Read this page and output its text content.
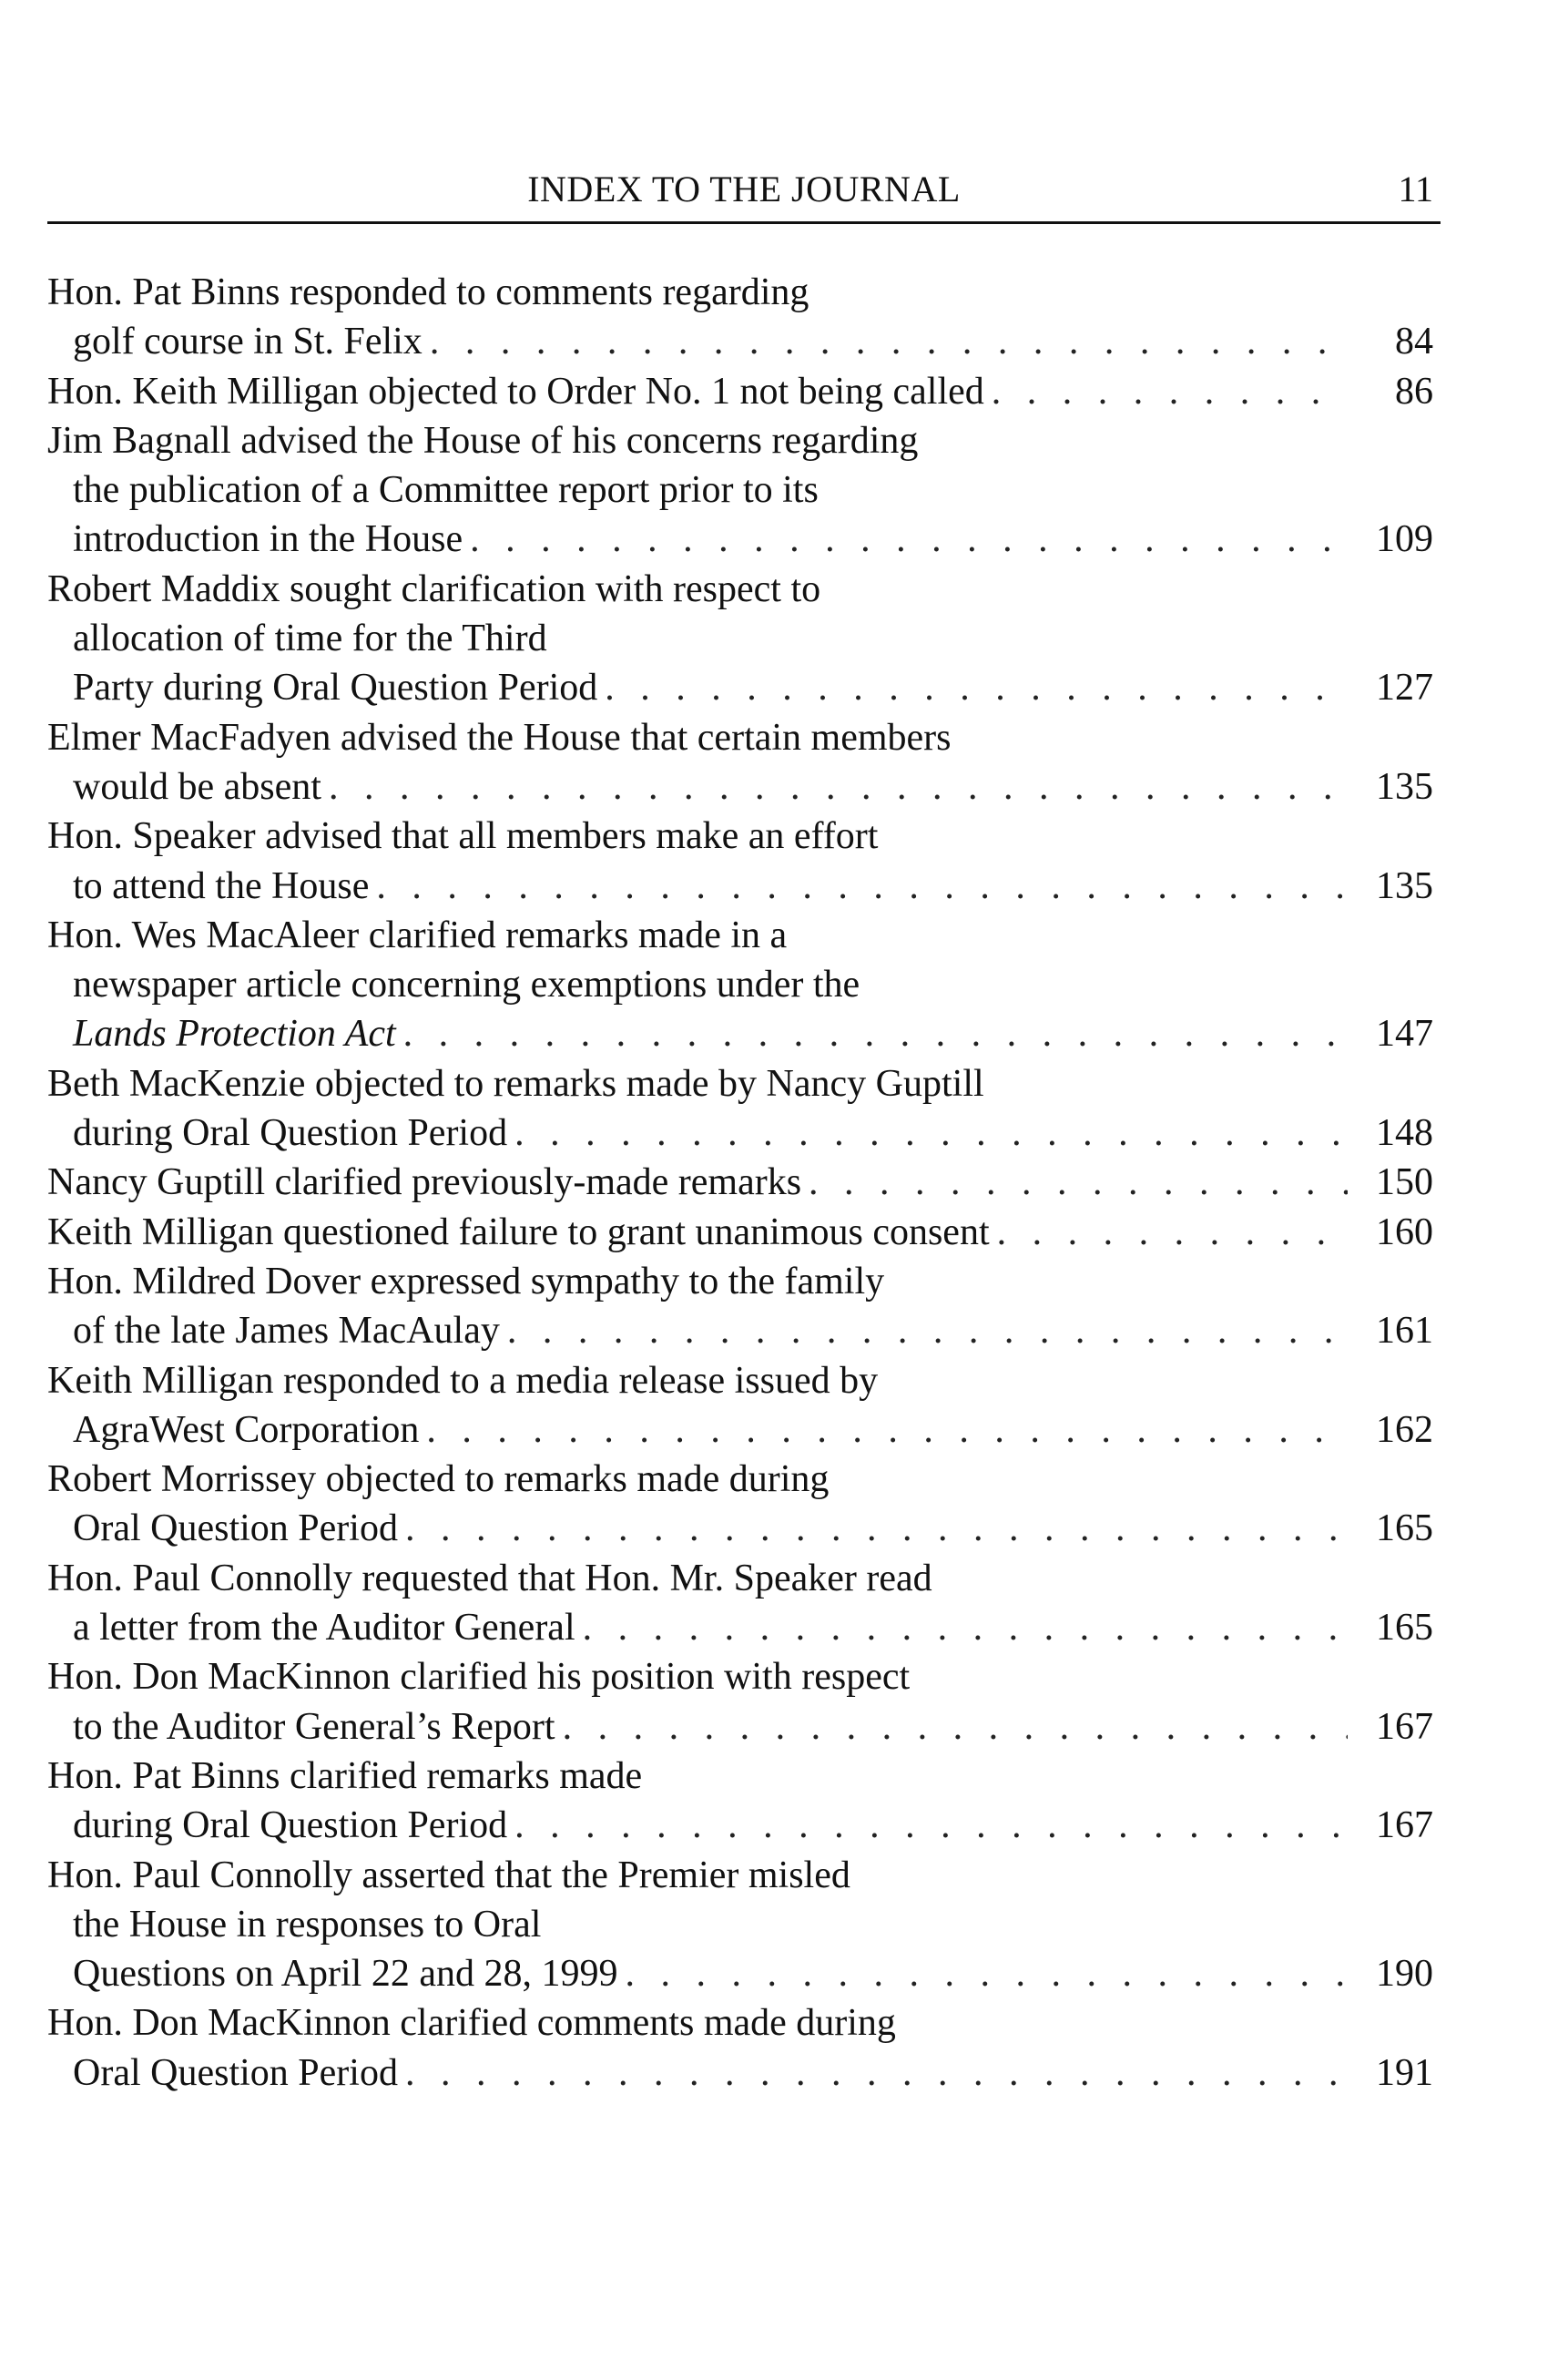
INDEX TO THE JOURNAL	11
Hon. Pat Binns responded to comments regarding
golf course in St. Felix . . .	84
Hon. Keith Milligan objected to Order No. 1 not being called . . .	86
Jim Bagnall advised the House of his concerns regarding
the publication of a Committee report prior to its
introduction in the House . . .	109
Robert Maddix sought clarification with respect to
allocation of time for the Third
Party during Oral Question Period . . .	127
Elmer MacFadyen advised the House that certain members
would be absent . . .	135
Hon. Speaker advised that all members make an effort
to attend the House . . .	135
Hon. Wes MacAleer clarified remarks made in a
newspaper article concerning exemptions under the
Lands Protection Act . . .	147
Beth MacKenzie objected to remarks made by Nancy Guptill
during Oral Question Period . . .	148
Nancy Guptill clarified previously-made remarks . . .	150
Keith Milligan questioned failure to grant unanimous consent . . .	160
Hon. Mildred Dover expressed sympathy to the family
of the late James MacAulay . . .	161
Keith Milligan responded to a media release issued by
AgraWest Corporation . . .	162
Robert Morrissey objected to remarks made during
Oral Question Period . . .	165
Hon. Paul Connolly requested that Hon. Mr. Speaker read
a letter from the Auditor General . . .	165
Hon. Don MacKinnon clarified his position with respect
to the Auditor General’s Report . . .	167
Hon. Pat Binns clarified remarks made
during Oral Question Period . . .	167
Hon. Paul Connolly asserted that the Premier misled
the House in responses to Oral
Questions on April 22 and 28, 1999 . . .	190
Hon. Don MacKinnon clarified comments made during
Oral Question Period . . .	191
